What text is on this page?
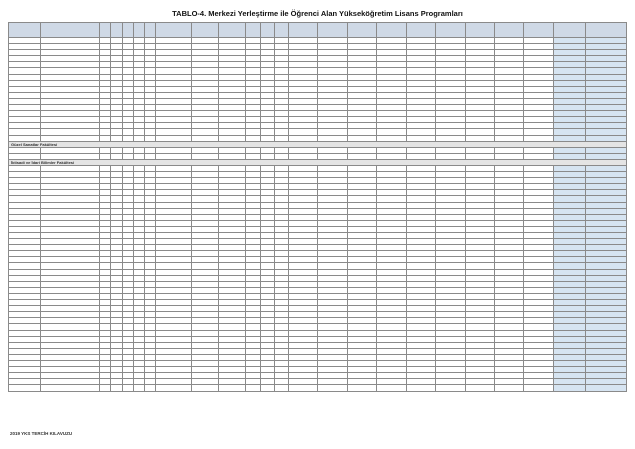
TABLO-4. Merkezi Yerleştirme ile Öğrenci Alan Yükseköğretim Lisans Programları

Güzel Sanatlar Fakültesi																							

İktisadi ve İdari Bilimler Fakültesi																							

2019 YKS TERCİH KILAVUZU
